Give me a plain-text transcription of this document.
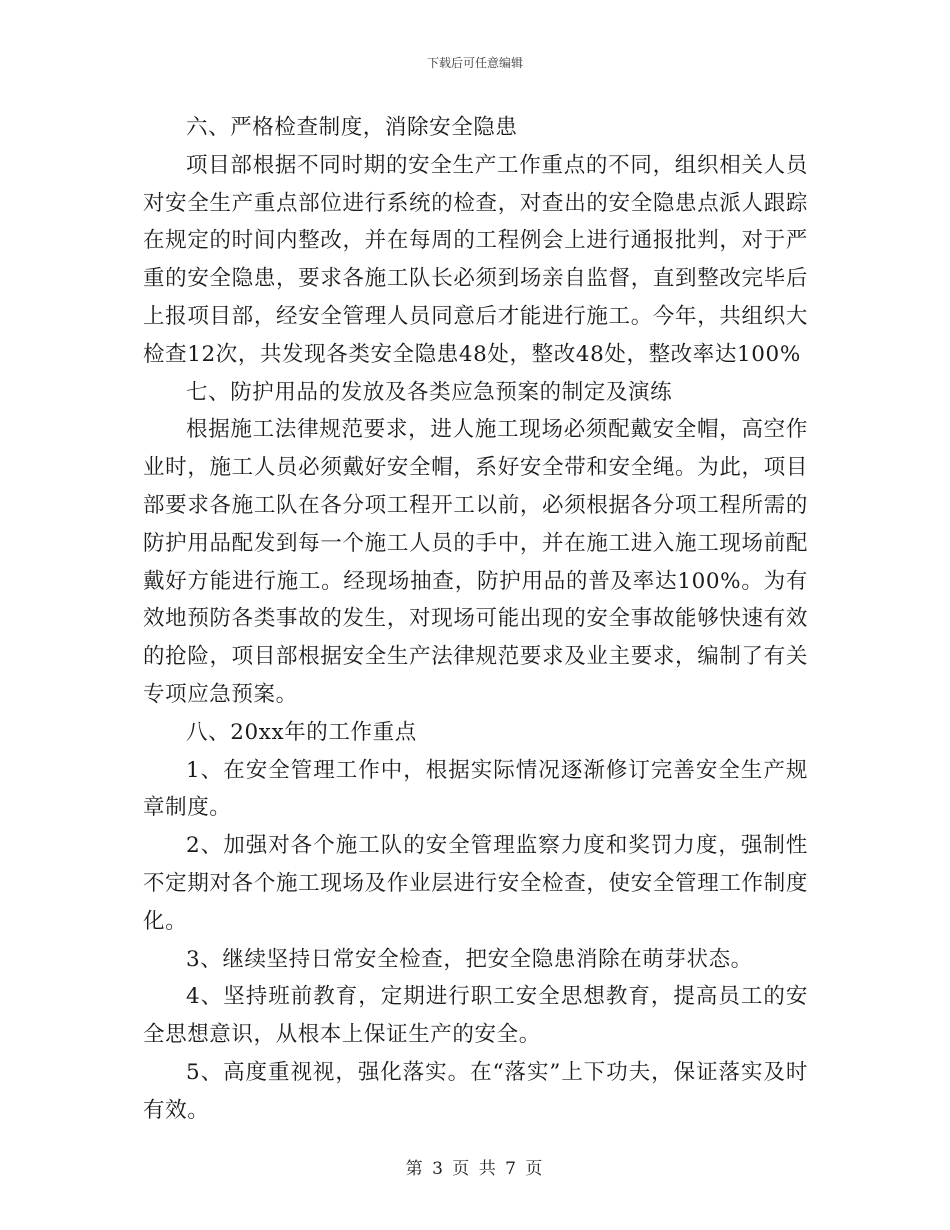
下载后可任意编辑

六、严格检查制度，消除安全隐患

项目部根据不同时期的安全生产工作重点的不同，组织相关人员对安全生产重点部位进行系统的检查，对查出的安全隐患点派人跟踪在规定的时间内整改，并在每周的工程例会上进行通报批判，对于严重的安全隐患，要求各施工队长必须到场亲自监督，直到整改完毕后上报项目部，经安全管理人员同意后才能进行施工。今年，共组织大检查12次，共发现各类安全隐患48处，整改48处，整改率达100%

七、防护用品的发放及各类应急预案的制定及演练

根据施工法律规范要求，进人施工现场必须配戴安全帽，高空作业时，施工人员必须戴好安全帽，系好安全带和安全绳。为此，项目部要求各施工队在各分项工程开工以前，必须根据各分项工程所需的防护用品配发到每一个施工人员的手中，并在施工进入施工现场前配戴好方能进行施工。经现场抽查，防护用品的普及率达100%。为有效地预防各类事故的发生，对现场可能出现的安全事故能够快速有效的抢险，项目部根据安全生产法律规范要求及业主要求，编制了有关专项应急预案。

八、20xx年的工作重点

1、在安全管理工作中，根据实际情况逐渐修订完善安全生产规章制度。

2、加强对各个施工队的安全管理监察力度和奖罚力度，强制性不定期对各个施工现场及作业层进行安全检查，使安全管理工作制度化。

3、继续坚持日常安全检查，把安全隐患消除在萌芽状态。

4、坚持班前教育，定期进行职工安全思想教育，提高员工的安全思想意识，从根本上保证生产的安全。

5、高度重视视，强化落实。在“落实”上下功夫，保证落实及时有效。

第 3 页 共 7 页
